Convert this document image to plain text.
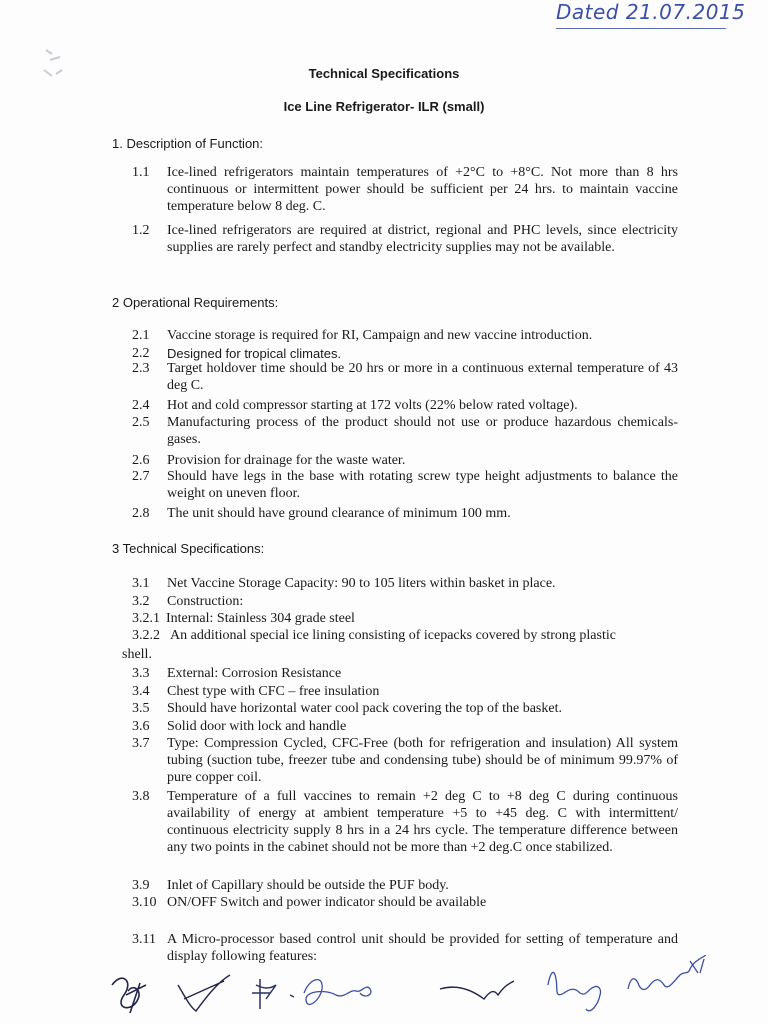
Dated 21.07.2015
Technical Specifications
Ice Line Refrigerator- ILR (small)
1. Description of Function:
1.1 Ice-lined refrigerators maintain temperatures of +2°C to +8°C. Not more than 8 hrs continuous or intermittent power should be sufficient per 24 hrs. to maintain vaccine temperature below 8 deg. C.
1.2 Ice-lined refrigerators are required at district, regional and PHC levels, since electricity supplies are rarely perfect and standby electricity supplies may not be available.
2 Operational Requirements:
2.1 Vaccine storage is required for RI, Campaign and new vaccine introduction.
2.2 Designed for tropical climates.
2.3 Target holdover time should be 20 hrs or more in a continuous external temperature of 43 deg C.
2.4 Hot and cold compressor starting at 172 volts (22% below rated voltage).
2.5 Manufacturing process of the product should not use or produce hazardous chemicals-gases.
2.6 Provision for drainage for the waste water.
2.7 Should have legs in the base with rotating screw type height adjustments to balance the weight on uneven floor.
2.8 The unit should have ground clearance of minimum 100 mm.
3 Technical Specifications:
3.1 Net Vaccine Storage Capacity: 90 to 105 liters within basket in place.
3.2 Construction:
3.2.1 Internal: Stainless 304 grade steel
3.2.2 An additional special ice lining consisting of icepacks covered by strong plastic
shell.
3.3 External: Corrosion Resistance
3.4 Chest type with CFC – free insulation
3.5 Should have horizontal water cool pack covering the top of the basket.
3.6 Solid door with lock and handle
3.7 Type: Compression Cycled, CFC-Free (both for refrigeration and insulation) All system tubing (suction tube, freezer tube and condensing tube) should be of minimum 99.97% of pure copper coil.
3.8 Temperature of a full vaccines to remain +2 deg C to +8 deg C during continuous availability of energy at ambient temperature +5 to +45 deg. C with intermittent/ continuous electricity supply 8 hrs in a 24 hrs cycle. The temperature difference between any two points in the cabinet should not be more than +2 deg.C once stabilized.
3.9 Inlet of Capillary should be outside the PUF body.
3.10 ON/OFF Switch and power indicator should be available
3.11 A Micro-processor based control unit should be provided for setting of temperature and display following features:
